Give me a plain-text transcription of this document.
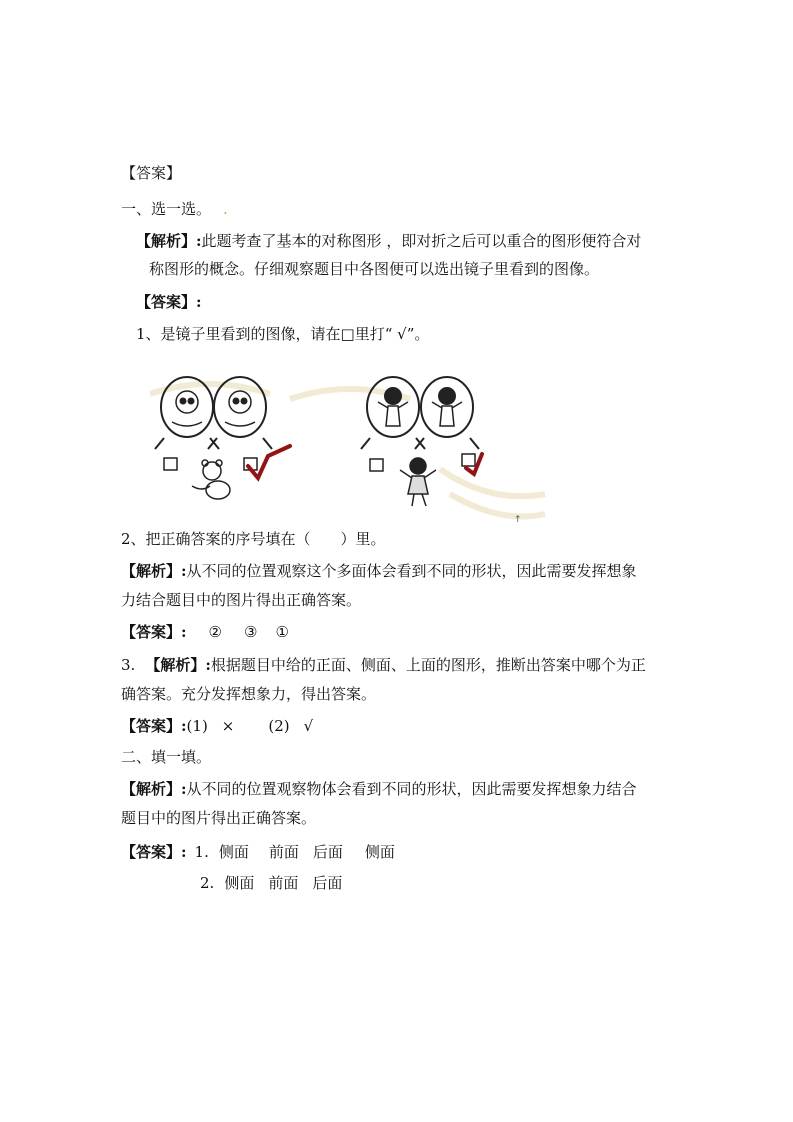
【答案】
一、选一选。 .
【解析】:此题考查了基本的对称图形 ，即对折之后可以重合的图形便符合对
称图形的概念。仔细观察题目中各图便可以选出镜子里看到的图像。
【答案】:
1、是镜子里看到的图像，请在□里打“ √”。
↑
2、把正确答案的序号填在（　　）里。
【解析】:从不同的位置观察这个多面体会看到不同的形状，因此需要发挥想象
力结合题目中的图片得出正确答案。
【答案】: ② ③ ①
3. 【解析】:根据题目中给的正面、侧面、上面的图形，推断出答案中哪个为正
确答案。充分发挥想象力，得出答案。
【答案】:(1) × (2) √
二、填一填。
【解析】:从不同的位置观察物体会看到不同的形状，因此需要发挥想象力结合
题目中的图片得出正确答案。
【答案】: 1. 侧面 前面 后面 侧面
2. 侧面 前面 后面
